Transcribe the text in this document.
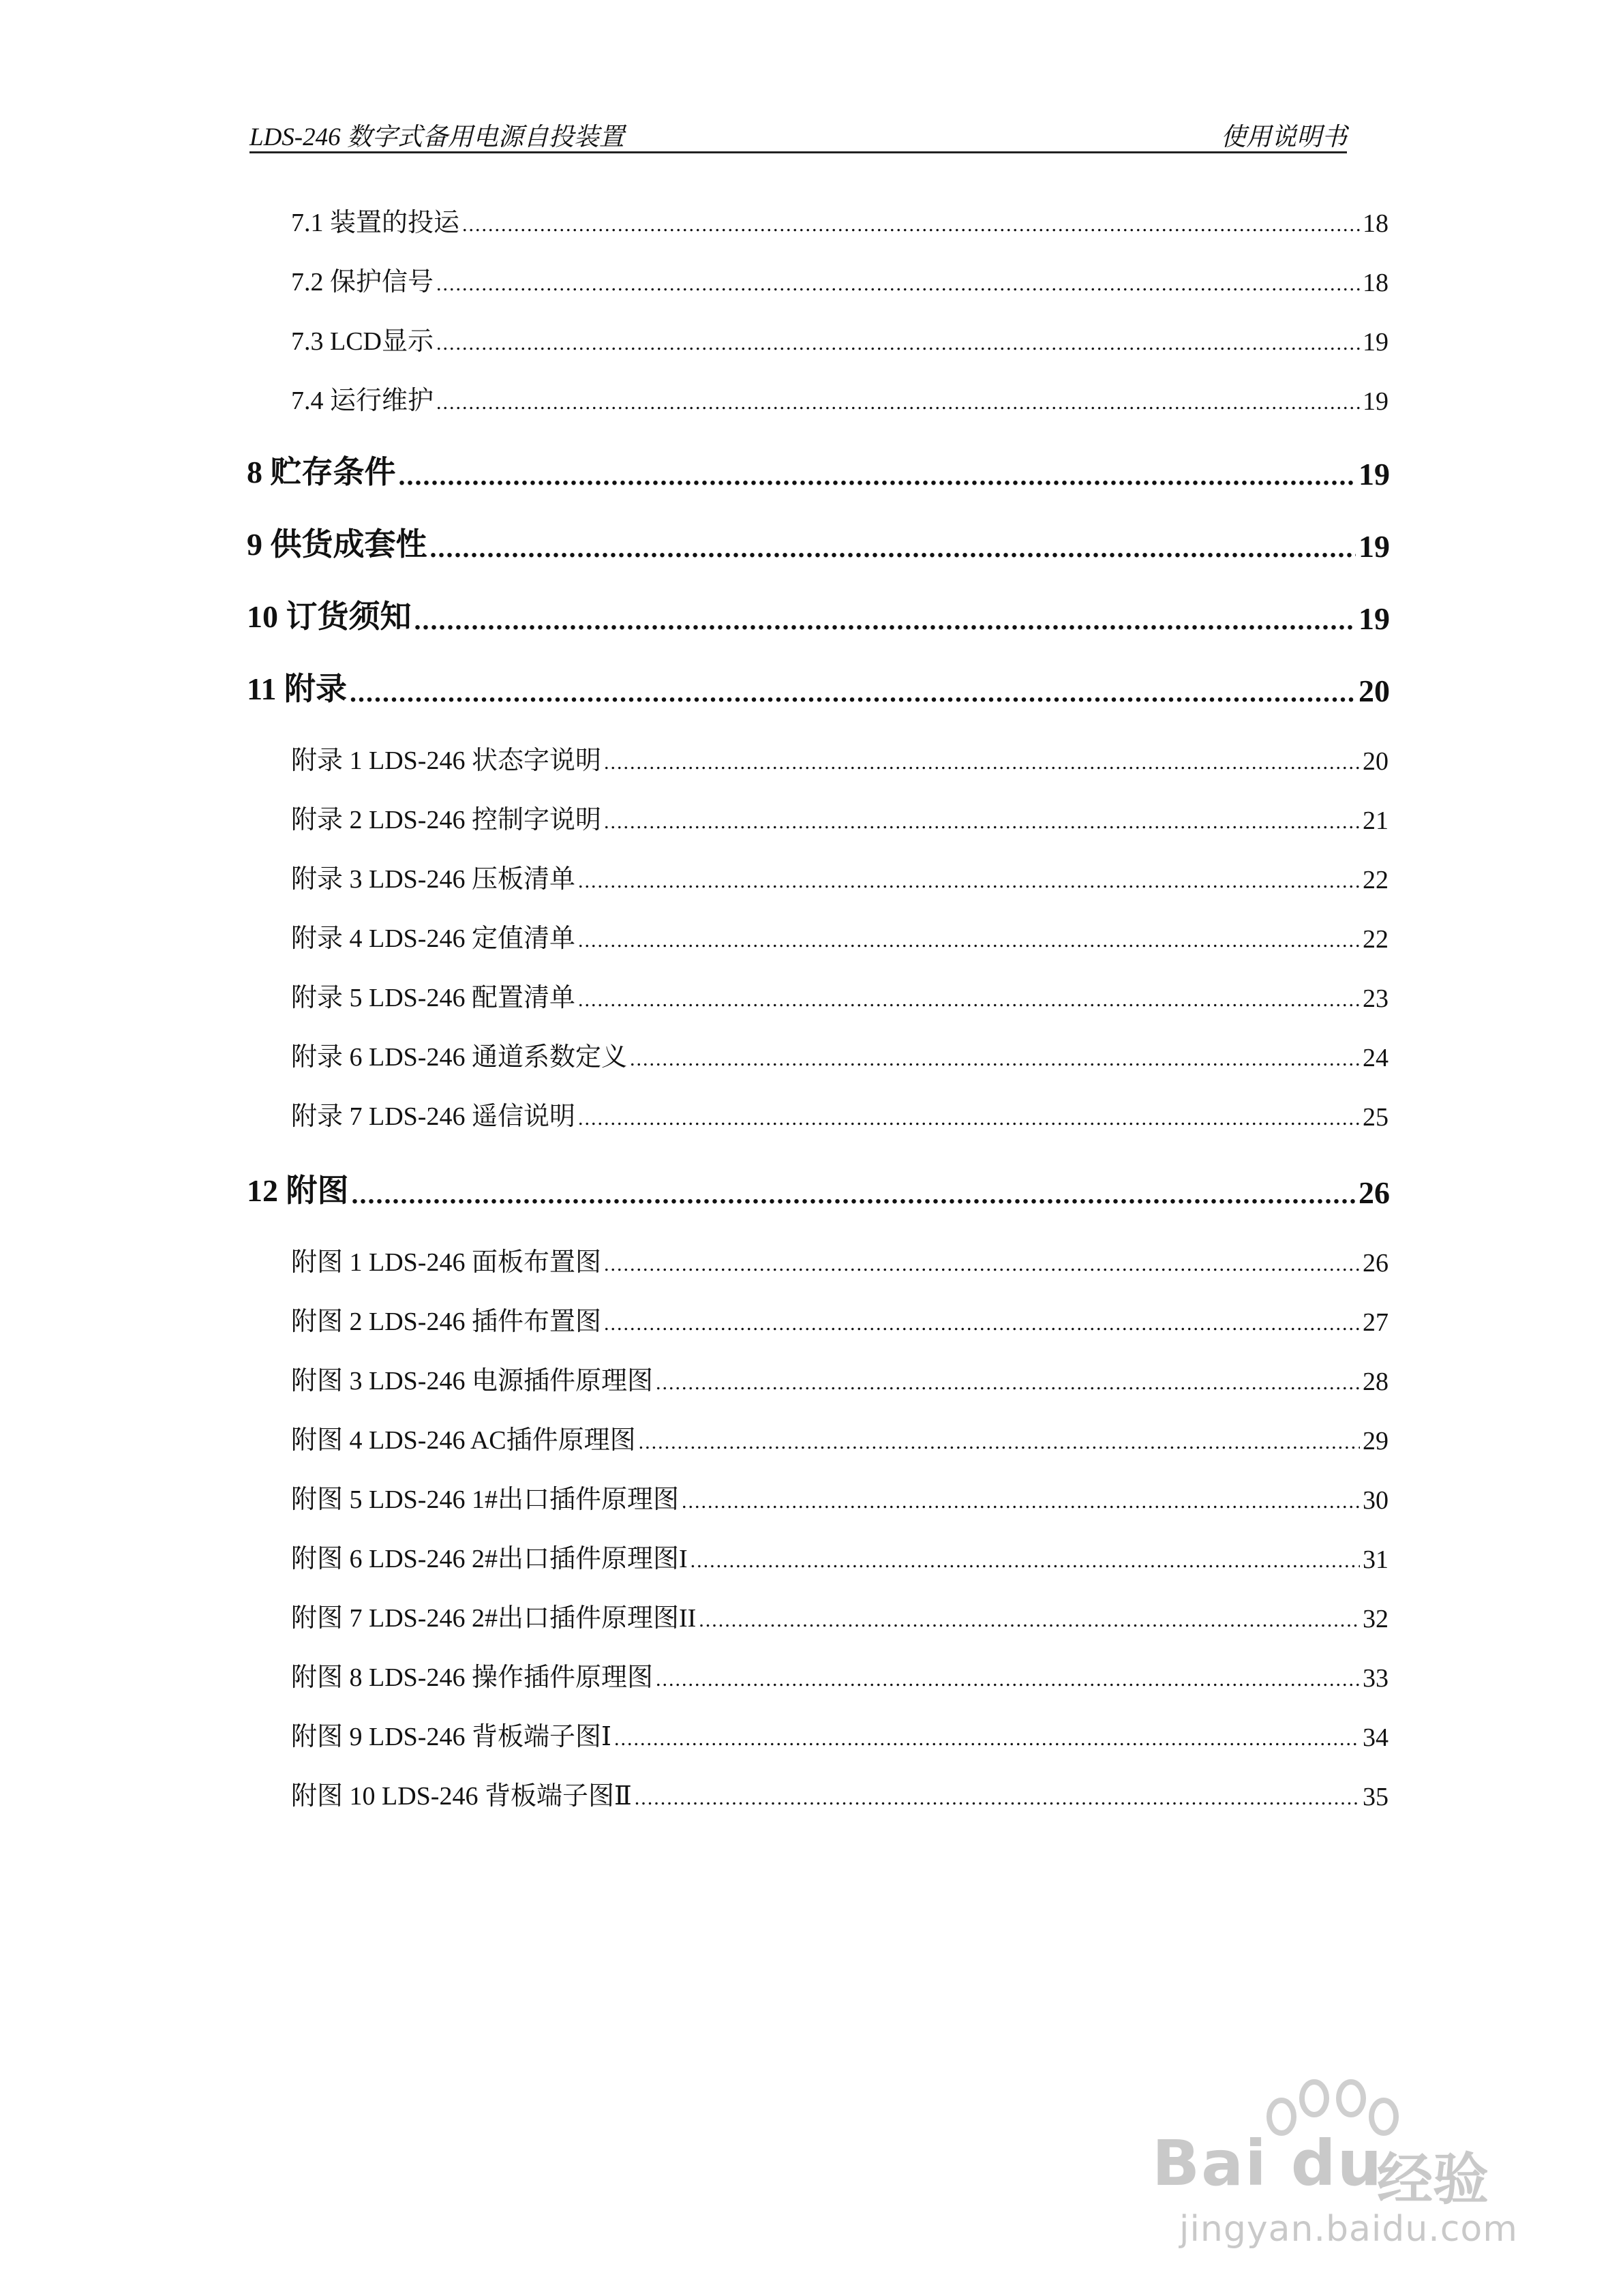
LDS-246 数字式备用电源自投装置	使用说明书
7.1 装置的投运 .....	18
7.2 保护信号 .....	18
7.3 LCD显示 .....	19
7.4 运行维护 .....	19
8 贮存条件 .....	19
9 供货成套性 .....	19
10 订货须知 .....	19
11 附录 .....	20
附录 1 LDS-246 状态字说明 .....	20
附录 2 LDS-246 控制字说明 .....	21
附录 3 LDS-246 压板清单 .....	22
附录 4 LDS-246 定值清单 .....	22
附录 5 LDS-246 配置清单 .....	23
附录 6 LDS-246 通道系数定义 .....	24
附录 7 LDS-246 遥信说明 .....	25
12 附图 .....	26
附图 1 LDS-246 面板布置图 .....	26
附图 2 LDS-246 插件布置图 .....	27
附图 3 LDS-246 电源插件原理图 .....	28
附图 4 LDS-246 AC插件原理图 .....	29
附图 5 LDS-246 1#出口插件原理图 .....	30
附图 6 LDS-246 2#出口插件原理图I .....	31
附图 7 LDS-246 2#出口插件原理图II .....	32
附图 8 LDS-246 操作插件原理图 .....	33
附图 9 LDS-246 背板端子图Ⅰ .....	34
附图 10 LDS-246 背板端子图Ⅱ .....	35
Bai du
经验
jingyan.baidu.com
